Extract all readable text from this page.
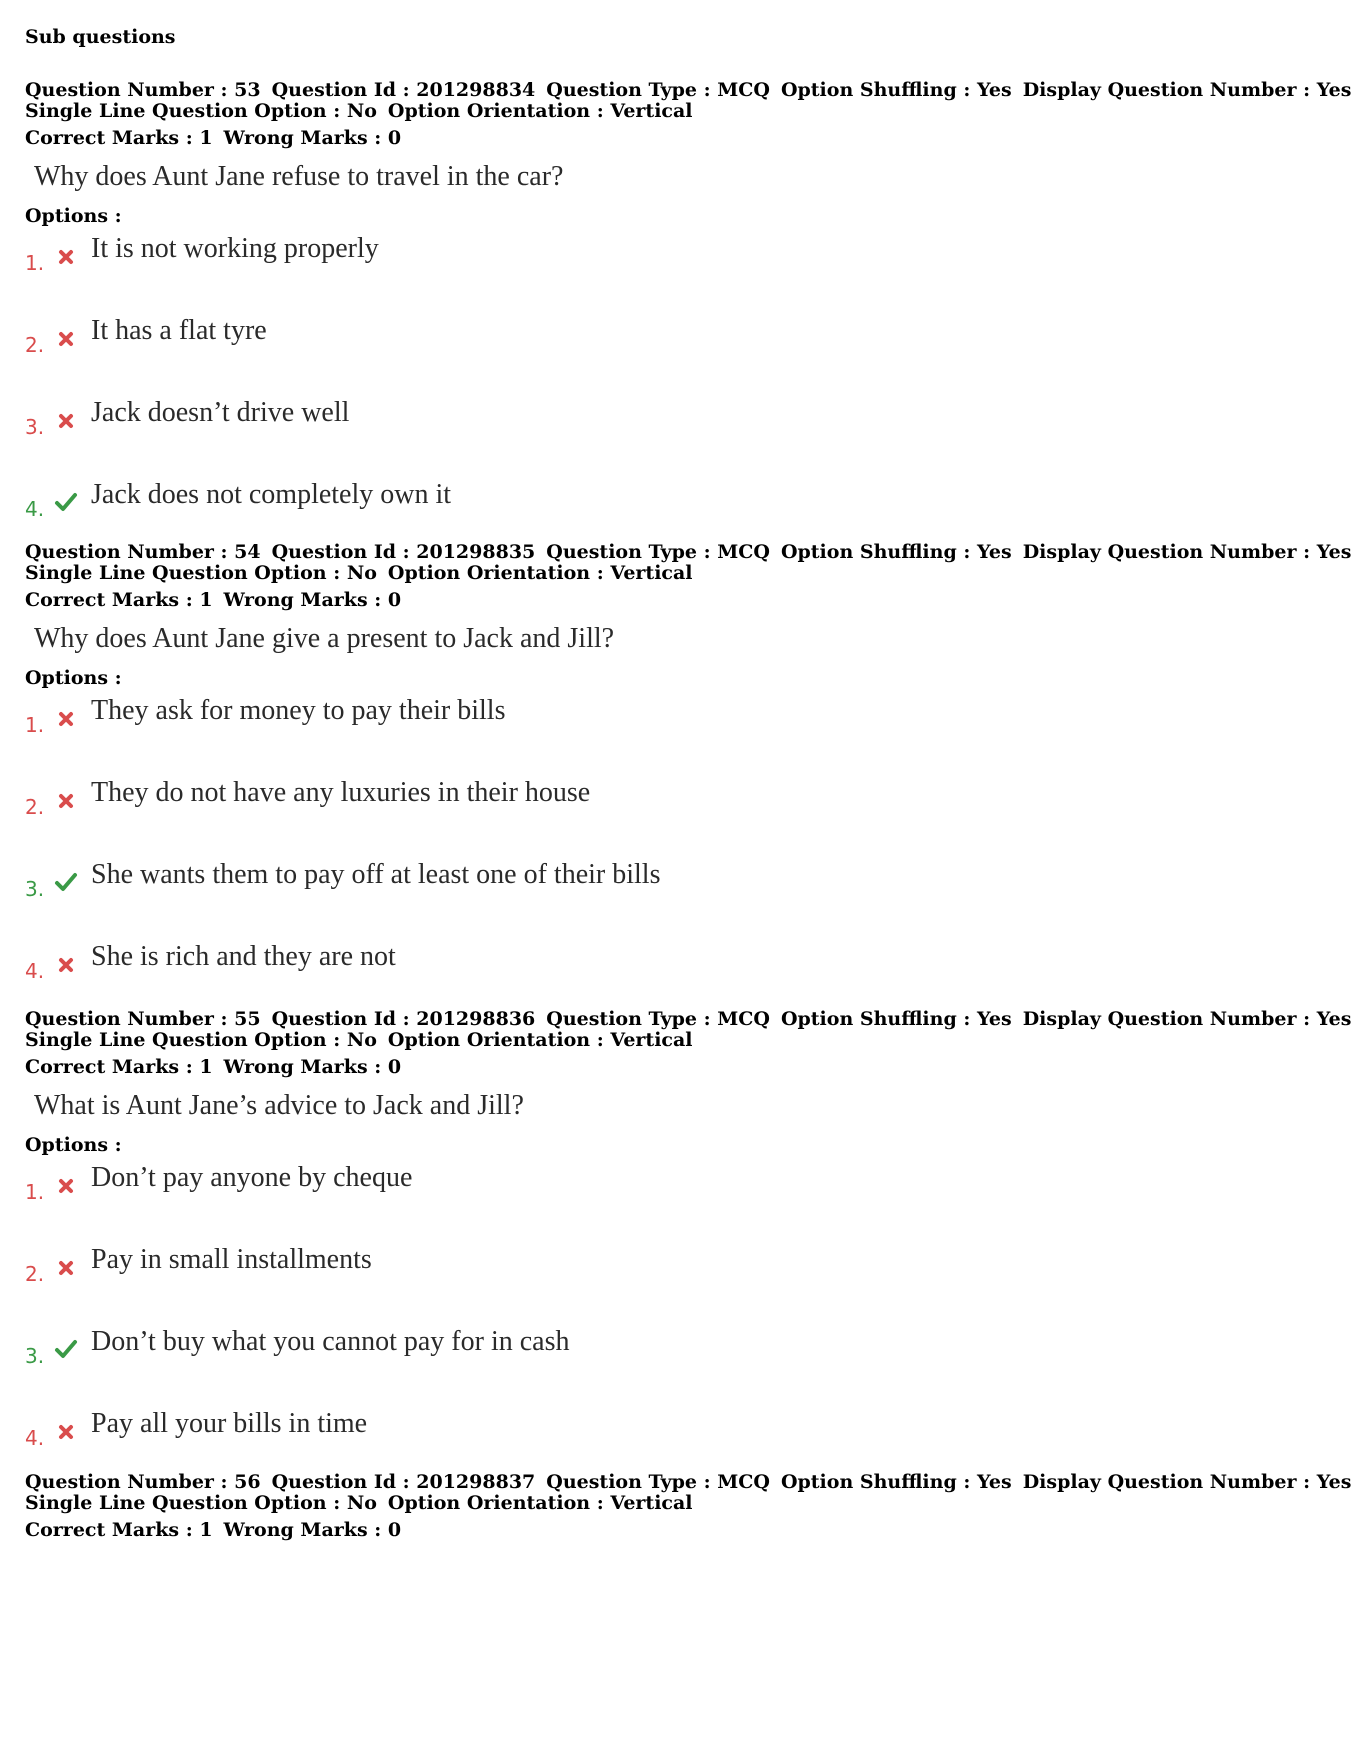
Sub questions
Question Number : 53 Question Id : 201298834 Question Type : MCQ Option Shuffling : Yes Display Question Number : Yes
Single Line Question Option : No Option Orientation : Vertical
Correct Marks : 1 Wrong Marks : 0
Why does Aunt Jane refuse to travel in the car?
Options :
1. It is not working properly
2. It has a flat tyre
3. Jack doesn’t drive well
4. Jack does not completely own it
Question Number : 54 Question Id : 201298835 Question Type : MCQ Option Shuffling : Yes Display Question Number : Yes
Single Line Question Option : No Option Orientation : Vertical
Correct Marks : 1 Wrong Marks : 0
Why does Aunt Jane give a present to Jack and Jill?
Options :
1. They ask for money to pay their bills
2. They do not have any luxuries in their house
3. She wants them to pay off at least one of their bills
4. She is rich and they are not
Question Number : 55 Question Id : 201298836 Question Type : MCQ Option Shuffling : Yes Display Question Number : Yes
Single Line Question Option : No Option Orientation : Vertical
Correct Marks : 1 Wrong Marks : 0
What is Aunt Jane’s advice to Jack and Jill?
Options :
1. Don’t pay anyone by cheque
2. Pay in small installments
3. Don’t buy what you cannot pay for in cash
4. Pay all your bills in time
Question Number : 56 Question Id : 201298837 Question Type : MCQ Option Shuffling : Yes Display Question Number : Yes
Single Line Question Option : No Option Orientation : Vertical
Correct Marks : 1 Wrong Marks : 0
